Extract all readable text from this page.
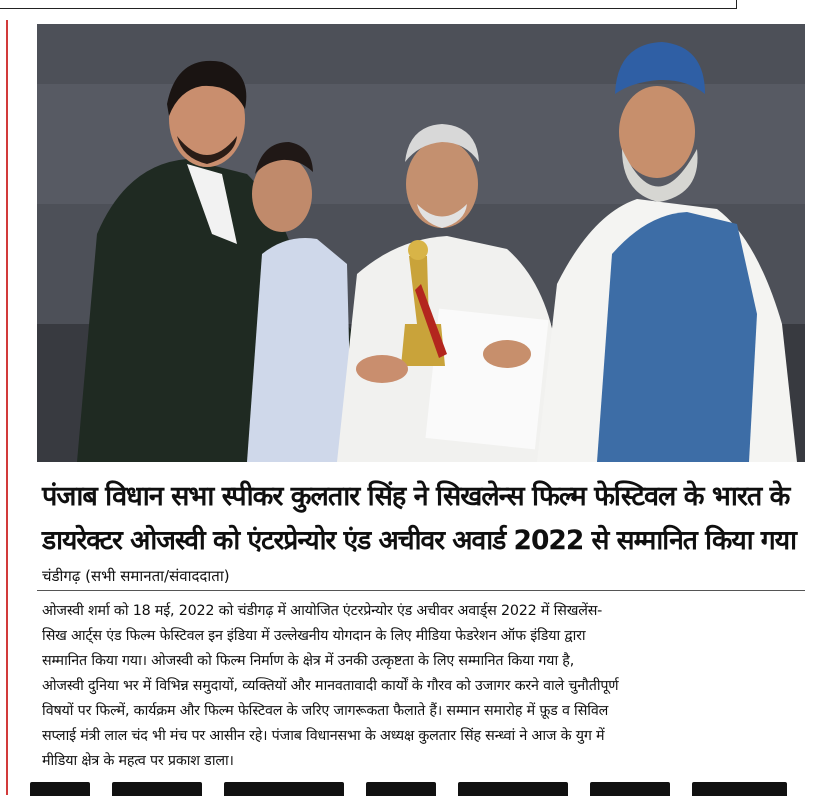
पंजाब विधान सभा स्पीकर कुलतार सिंह ने सिखलेन्स फिल्म फेस्टिवल के भारत के
डायरेक्टर ओजस्वी को एंटरप्रेन्योर एंड अचीवर अवार्ड 2022 से सम्मानित किया गया
चंडीगढ़ (सभी समानता/संवाददाता)
ओजस्वी शर्मा को 18 मई, 2022 को चंडीगढ़ में आयोजित एंटरप्रेन्योर एंड अचीवर अवार्ड्स 2022 में सिखलेंस-
सिख आर्ट्स एंड फिल्म फेस्टिवल इन इंडिया में उल्लेखनीय योगदान के लिए मीडिया फेडरेशन ऑफ इंडिया द्वारा
सम्मानित किया गया। ओजस्वी को फिल्म निर्माण के क्षेत्र में उनकी उत्कृष्टता के लिए सम्मानित किया गया है,
ओजस्वी दुनिया भर में विभिन्न समुदायों, व्यक्तियों और मानवतावादी कार्यों के गौरव को उजागर करने वाले चुनौतीपूर्ण
विषयों पर फिल्में, कार्यक्रम और फिल्म फेस्टिवल के जरिए जागरूकता फैलाते हैं। सम्मान समारोह में फ़ूड व सिविल
सप्लाई मंत्री लाल चंद भी मंच पर आसीन रहे। पंजाब विधानसभा के अध्यक्ष कुलतार सिंह सन्ध्वां ने आज के युग में
मीडिया क्षेत्र के महत्व पर प्रकाश डाला।
